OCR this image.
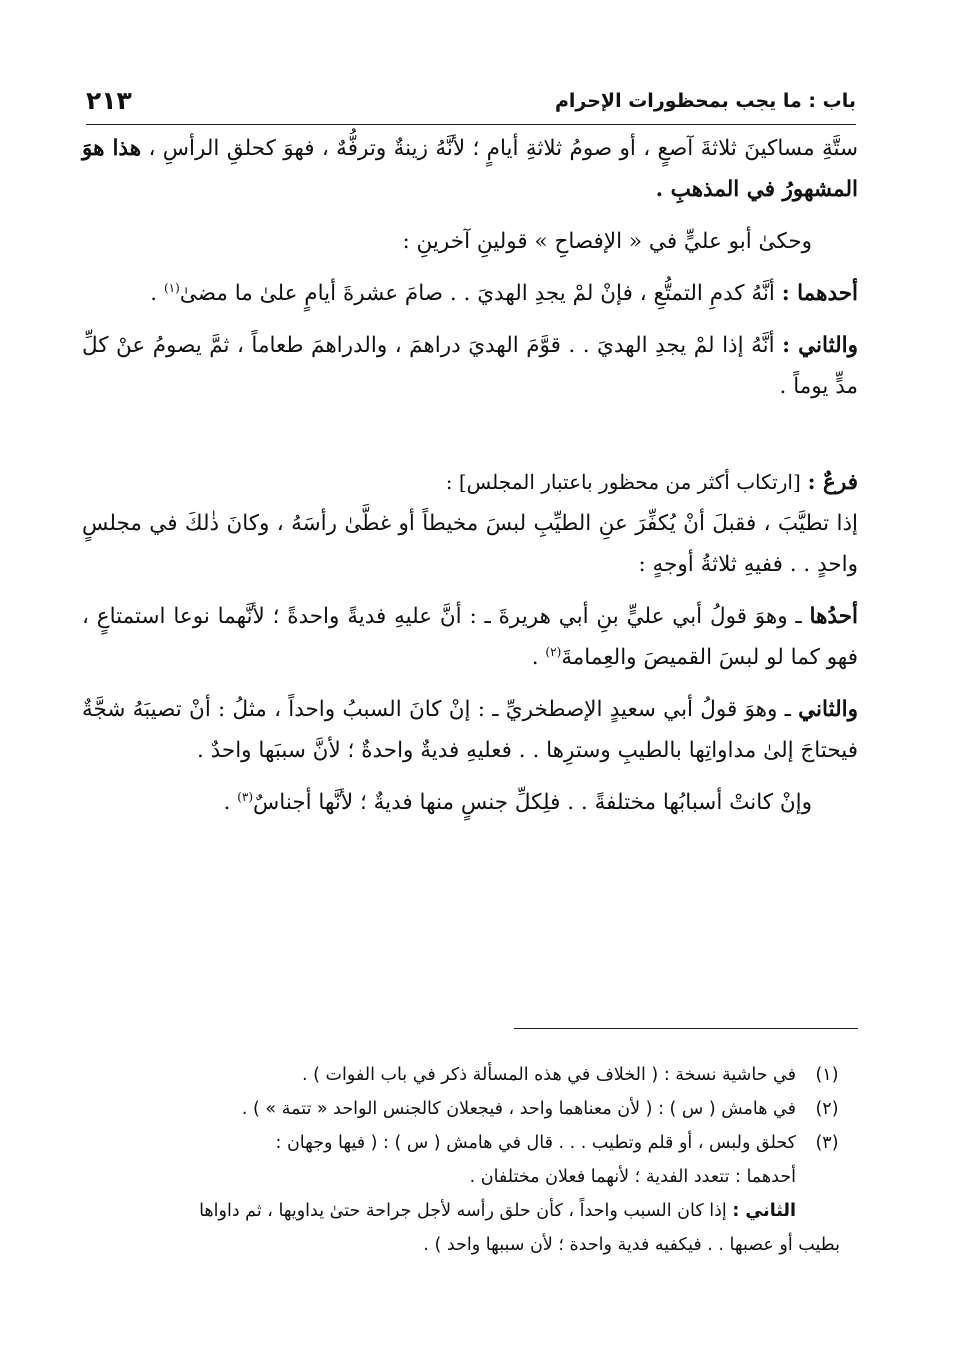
باب : ما يجب بمحظورات الإحرام
٢١٣

ستَّةِ مساكينَ ثلاثةَ آصعٍ ، أو صومُ ثلاثةِ أيامٍ ؛ لأنَّهُ زينةٌ وترفُّهٌ ، فهوَ كحلقِ الرأسِ ، هذا هوَ المشهورُ في المذهبِ .

وحكىٰ أبو عليٍّ في « الإفصاحِ » قولينِ آخرينِ :

أحدهما : أنَّهُ كدمِ التمتُّعِ ، فإنْ لمْ يجدِ الهديَ . . صامَ عشرةَ أيامٍ علىٰ ما مضىٰ$^{(١)}$ .

والثاني : أنَّهُ إذا لمْ يجدِ الهديَ . . قوَّمَ الهديَ دراهمَ ، والدراهمَ طعاماً ، ثمَّ يصومُ عنْ كلِّ مدٍّ يوماً .

فرعٌ : [ارتكاب أكثر من محظور باعتبار المجلس] :

إذا تطيَّبَ ، فقبلَ أنْ يُكفِّرَ عنِ الطيِّبِ لبسَ مخيطاً أو غطَّىٰ رأسَهُ ، وكانَ ذٰلكَ في مجلسٍ واحدٍ . . ففيهِ ثلاثةُ أوجهٍ :

أحدُها ـ وهوَ قولُ أبي عليٍّ بنِ أبي هريرةَ ـ : أنَّ عليهِ فديةً واحدةً ؛ لأنَّهما نوعا استمتاعٍ ، فهو كما لو لبسَ القميصَ والعِمامةَ$^{(٢)}$ .

والثاني ـ وهوَ قولُ أبي سعيدٍ الإصطخريِّ ـ : إنْ كانَ السببُ واحداً ، مثلُ : أنْ تصيبَهُ شجَّةٌ فيحتاجَ إلىٰ مداواتِها بالطيبِ وسترِها . . فعليهِ فديةٌ واحدةٌ ؛ لأنَّ سببَها واحدٌ .

وإنْ كانتْ أسبابُها مختلفةً . . فلِكلِّ جنسٍ منها فديةٌ ؛ لأنَّها أجناسٌ$^{(٣)}$ .

(١)
في حاشية نسخة : ( الخلاف في هذه المسألة ذكر في باب الفوات ) .
(٢)
في هامش ( س ) : ( لأن معناهما واحد ، فيجعلان كالجنس الواحد « تتمة » ) .
(٣)
كحلق ولبس ، أو قلم وتطيب . . . قال في هامش ( س ) : ( فيها وجهان :
أحدهما : تتعدد الفدية ؛ لأنهما فعلان مختلفان .
الثاني : إذا كان السبب واحداً ، كأن حلق رأسه لأجل جراحة حتىٰ يداويها ، ثم داواها
بطيب أو عصبها . . فيكفيه فدية واحدة ؛ لأن سببها واحد ) .
